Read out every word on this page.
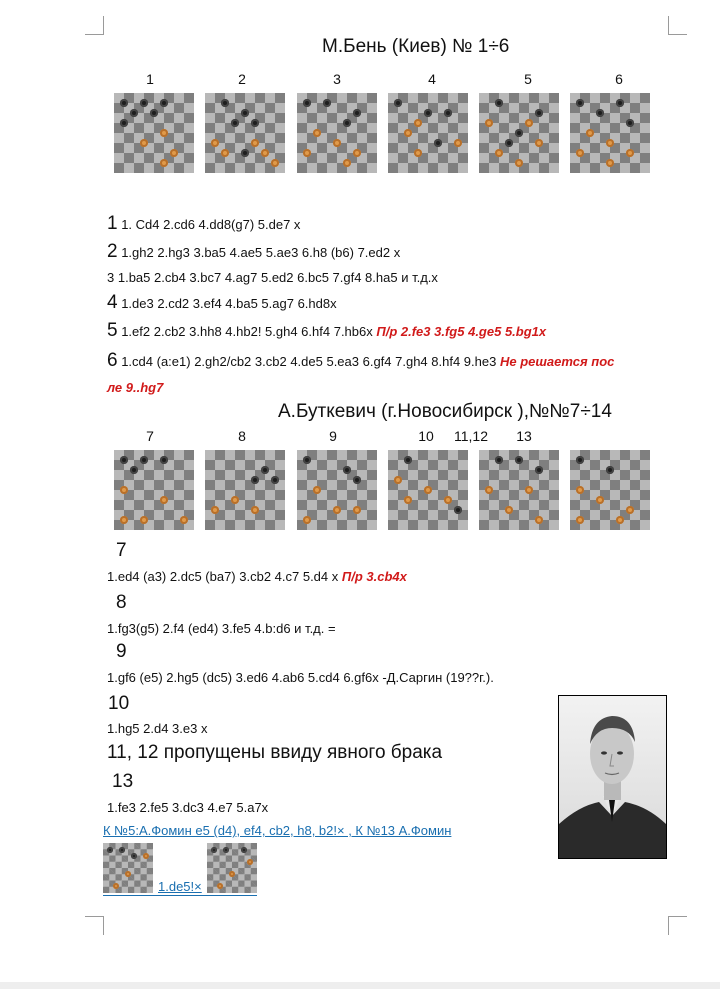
М.Бень (Киев) № 1÷6
1	2	3	4	5	6
1 1. Cd4 2.cd6 4.dd8(g7) 5.de7 x
2 1.gh2 2.hg3 3.ba5 4.ae5 5.ae3 6.h8 (b6) 7.ed2 x
3 1.ba5 2.cb4 3.bc7 4.ag7 5.ed2 6.bc5 7.gf4 8.ha5 и т.д.х
4 1.de3 2.cd2 3.ef4 4.ba5 5.ag7 6.hd8x
5 1.ef2 2.cb2 3.hh8 4.hb2! 5.gh4 6.hf4 7.hb6x П/р 2.fe3 3.fg5 4.ge5 5.bg1x
6 1.cd4 (a:e1) 2.gh2/cb2 3.cb2 4.de5 5.ea3 6.gf4 7.gh4 8.hf4 9.he3 Не решается пос
ле 9..hg7
А.Буткевич (г.Новосибирск ),№№7÷14
7	8	9	10	11,12	13
7
1.ed4 (a3) 2.dc5 (ba7) 3.cb2 4.c7 5.d4 x П/р 3.cb4x
8
1.fg3(g5) 2.f4 (ed4) 3.fe5 4.b:d6 и т.д. =
9
1.gf6 (e5) 2.hg5 (dc5) 3.ed6 4.ab6 5.cd4 6.gf6x -Д.Саргин (19??г.).
10
1.hg5 2.d4 3.e3 x
11, 12 пропущены ввиду явного брака
13
1.fe3 2.fe5 3.dc3 4.e7 5.a7x
К №5:А.Фомин e5 (d4), ef4, cb2, h8, b2!× , К №13 А.Фомин
1.de5!×
